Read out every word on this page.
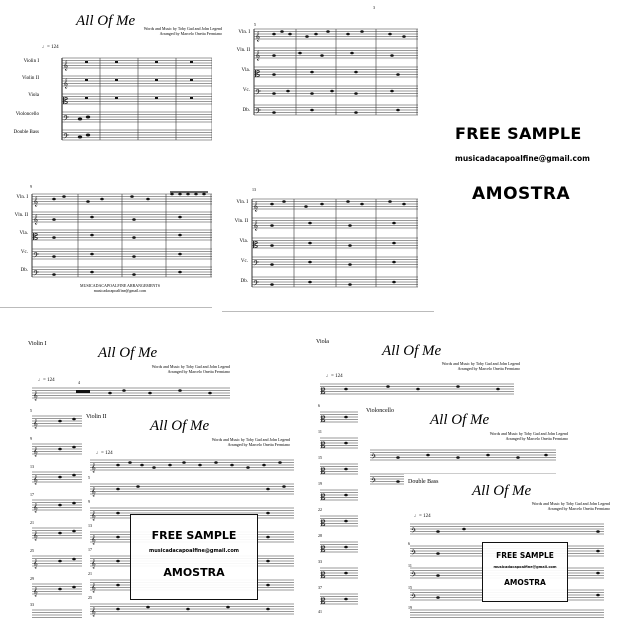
All Of Me	Words and Music by Toby Gad and John Legend
Arranged by Marcelo Onetta Fermiano
♩= 124
Violin I
Violin II
Viola
Violoncello
Double Bass
𝄞
𝄞
𝄡
𝄢
𝄢
3
5
Vln. I
Vln. II
Vla.
Vc.
Db.
𝄞
𝄞
𝄡
𝄢
𝄢
FREE SAMPLE
musicadacapoalfine@gmail.com
AMOSTRA
9
Vln. I
Vln. II
Vla.
Vc.
Db.
𝄞
𝄞
𝄡
𝄢
𝄢
MUSICADACAPOALFINE ARRANGEMENTS
musicadacapoalfine@gmail.com
13
Vln. I
Vln. II
Vla.
Vc.
Db.
𝄞
𝄞
𝄡
𝄢
𝄢
Violin I
All Of Me
Words and Music by Toby Gad and John Legend
Arranged by Marcelo Onetta Fermiano
♩= 124
𝄞
𝄞
𝄞
𝄞
𝄞
𝄞
𝄞
𝄞
4
5
9
13
17
21
25
29
33
Violin II
All Of Me
Words and Music by Toby Gad and John Legend
Arranged by Marcelo Onetta Fermiano
♩= 124
𝄞
𝄞
𝄞
𝄞
𝄞
𝄞
𝄞
5
9
13
17
21
25
FREE SAMPLE
musicadacapoalfine@gmail.com
AMOSTRA
Viola
All Of Me
Words and Music by Toby Gad and John Legend
Arranged by Marcelo Onetta Fermiano
♩= 124
𝄡
𝄡
𝄡
𝄡
𝄡
𝄡
𝄡
𝄡
𝄡
6
11
15
19
22
28
33
37
41
Violoncello
All Of Me
Words and Music by Toby Gad and John Legend
Arranged by Marcelo Onetta Fermiano
𝄢
𝄢	Double Bass
All Of Me
Words and Music by Toby Gad and John Legend
Arranged by Marcelo Onetta Fermiano
♩= 124
𝄢
𝄢
𝄢
𝄢
6
11
15
19
FREE SAMPLE
musicadacapoalfine@gmail.com
AMOSTRA
